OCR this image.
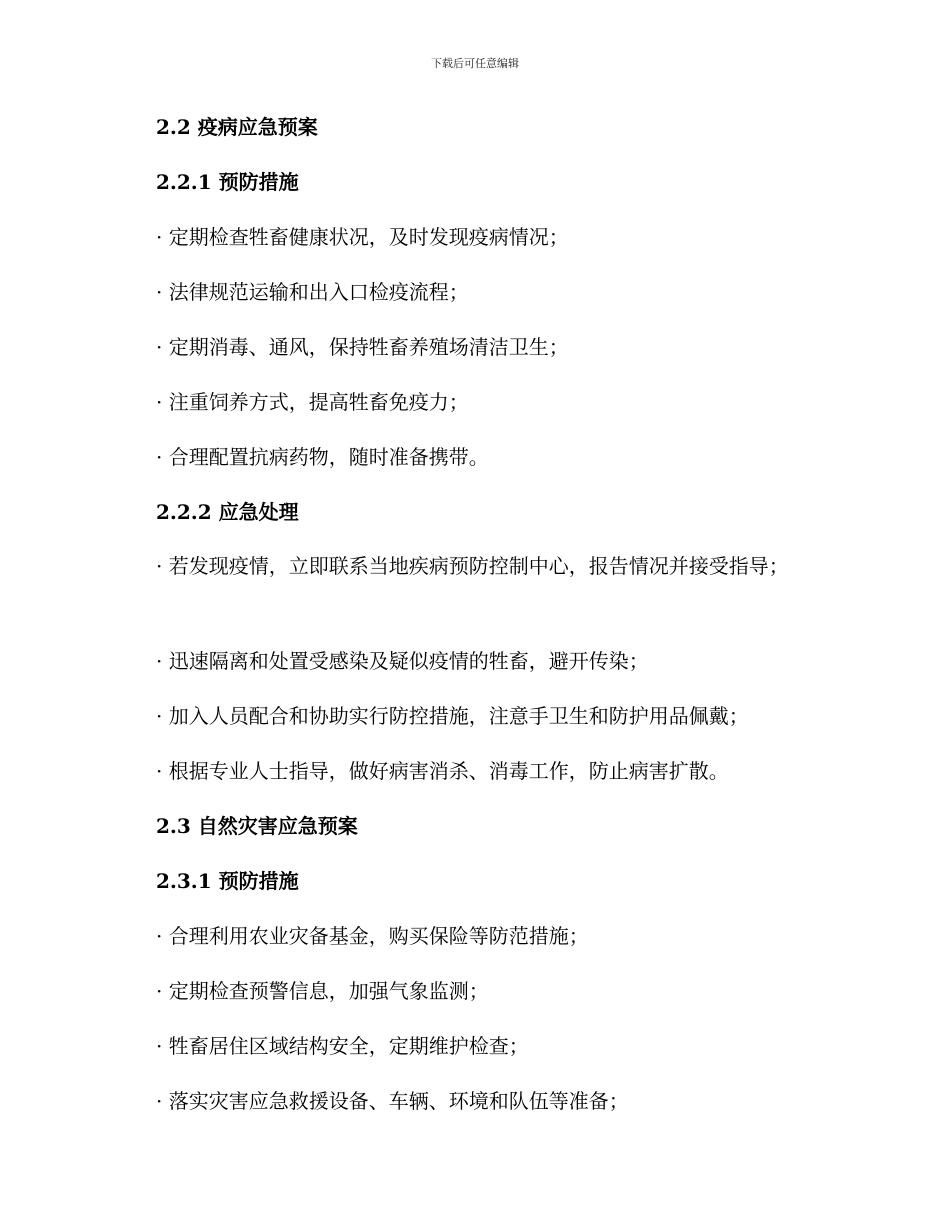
下载后可任意编辑
2.2 疫病应急预案
2.2.1 预防措施
· 定期检查牲畜健康状况，及时发现疫病情况；
· 法律规范运输和出入口检疫流程；
· 定期消毒、通风，保持牲畜养殖场清洁卫生；
· 注重饲养方式，提高牲畜免疫力；
· 合理配置抗病药物，随时准备携带。
2.2.2 应急处理
· 若发现疫情，立即联系当地疾病预防控制中心，报告情况并接受指导；
· 迅速隔离和处置受感染及疑似疫情的牲畜，避开传染；
· 加入人员配合和协助实行防控措施，注意手卫生和防护用品佩戴；
· 根据专业人士指导，做好病害消杀、消毒工作，防止病害扩散。
2.3 自然灾害应急预案
2.3.1 预防措施
· 合理利用农业灾备基金，购买保险等防范措施；
· 定期检查预警信息，加强气象监测；
· 牲畜居住区域结构安全，定期维护检查；
· 落实灾害应急救援设备、车辆、环境和队伍等准备；
